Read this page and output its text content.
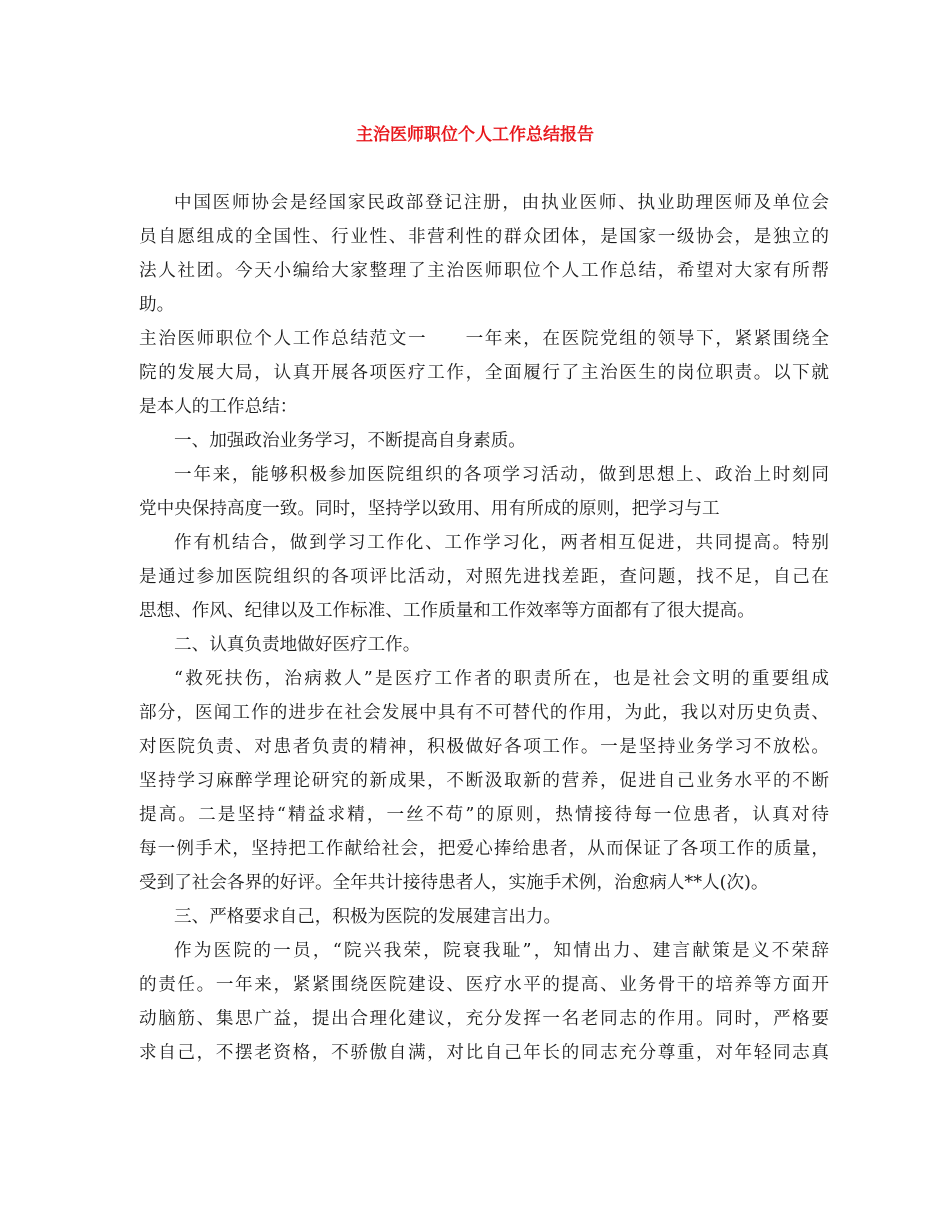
主治医师职位个人工作总结报告
中国医师协会是经国家民政部登记注册，由执业医师、执业助理医师及单位会
员自愿组成的全国性、行业性、非营利性的群众团体，是国家一级协会，是独立的
法人社团。今天小编给大家整理了主治医师职位个人工作总结，希望对大家有所帮
助。
主治医师职位个人工作总结范文一　　一年来，在医院党组的领导下，紧紧围绕全
院的发展大局，认真开展各项医疗工作，全面履行了主治医生的岗位职责。以下就
是本人的工作总结：
一、加强政治业务学习，不断提高自身素质。
一年来，能够积极参加医院组织的各项学习活动，做到思想上、政治上时刻同
党中央保持高度一致。同时，坚持学以致用、用有所成的原则，把学习与工
作有机结合，做到学习工作化、工作学习化，两者相互促进，共同提高。特别
是通过参加医院组织的各项评比活动，对照先进找差距，查问题，找不足，自己在
思想、作风、纪律以及工作标准、工作质量和工作效率等方面都有了很大提高。
二、认真负责地做好医疗工作。
“救死扶伤，治病救人”是医疗工作者的职责所在，也是社会文明的重要组成
部分，医闻工作的进步在社会发展中具有不可替代的作用，为此，我以对历史负责、
对医院负责、对患者负责的精神，积极做好各项工作。一是坚持业务学习不放松。
坚持学习麻醉学理论研究的新成果，不断汲取新的营养，促进自己业务水平的不断
提高。二是坚持“精益求精，一丝不苟”的原则，热情接待每一位患者，认真对待
每一例手术，坚持把工作献给社会，把爱心捧给患者，从而保证了各项工作的质量，
受到了社会各界的好评。全年共计接待患者人，实施手术例，治愈病人**人(次)。
三、严格要求自己，积极为医院的发展建言出力。
作为医院的一员，“院兴我荣，院衰我耻”，知情出力、建言献策是义不荣辞
的责任。一年来，紧紧围绕医院建设、医疗水平的提高、业务骨干的培养等方面开
动脑筋、集思广益，提出合理化建议，充分发挥一名老同志的作用。同时，严格要
求自己，不摆老资格，不骄傲自满，对比自己年长的同志充分尊重，对年轻同志真
